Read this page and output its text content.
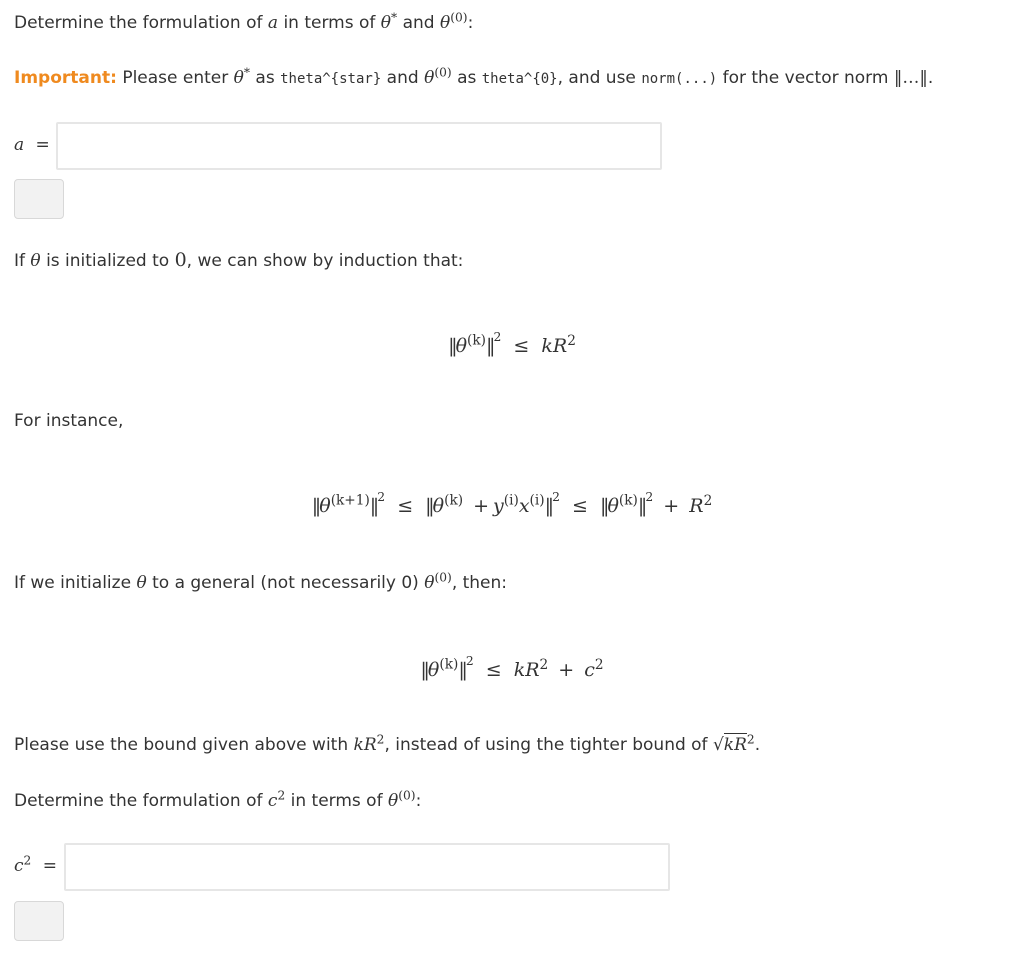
Determine the formulation of a in terms of θ* and $\theta^{(0)}$:
Important: Please enter θ* as theta^{star} and $\theta^{(0)}$ as theta^{0}, and use norm(...) for the vector norm ‖…‖.
a =
If θ is initialized to 0, we can show by induction that:
$‖\theta^{(k)}‖^2 \le kR^2$
For instance,
$‖\theta^{(k+1)}‖^2$ ≤ $‖\theta^{(k)}$ + $y^{(i)}x^{(i)}‖^2$ ≤ $‖\theta^{(k)}‖^2 + R^2$
If we initialize θ to a general (not necessarily 0) $\theta^{(0)}$, then:
$‖\theta^{(k)}‖^2 \le kR^2 + c^2$
Please use the bound given above with $kR^2$, instead of using the tighter bound of $√kR^2$.
Determine the formulation of $c^2$ in terms of $\theta^{(0)}$:
$c^2$ =
